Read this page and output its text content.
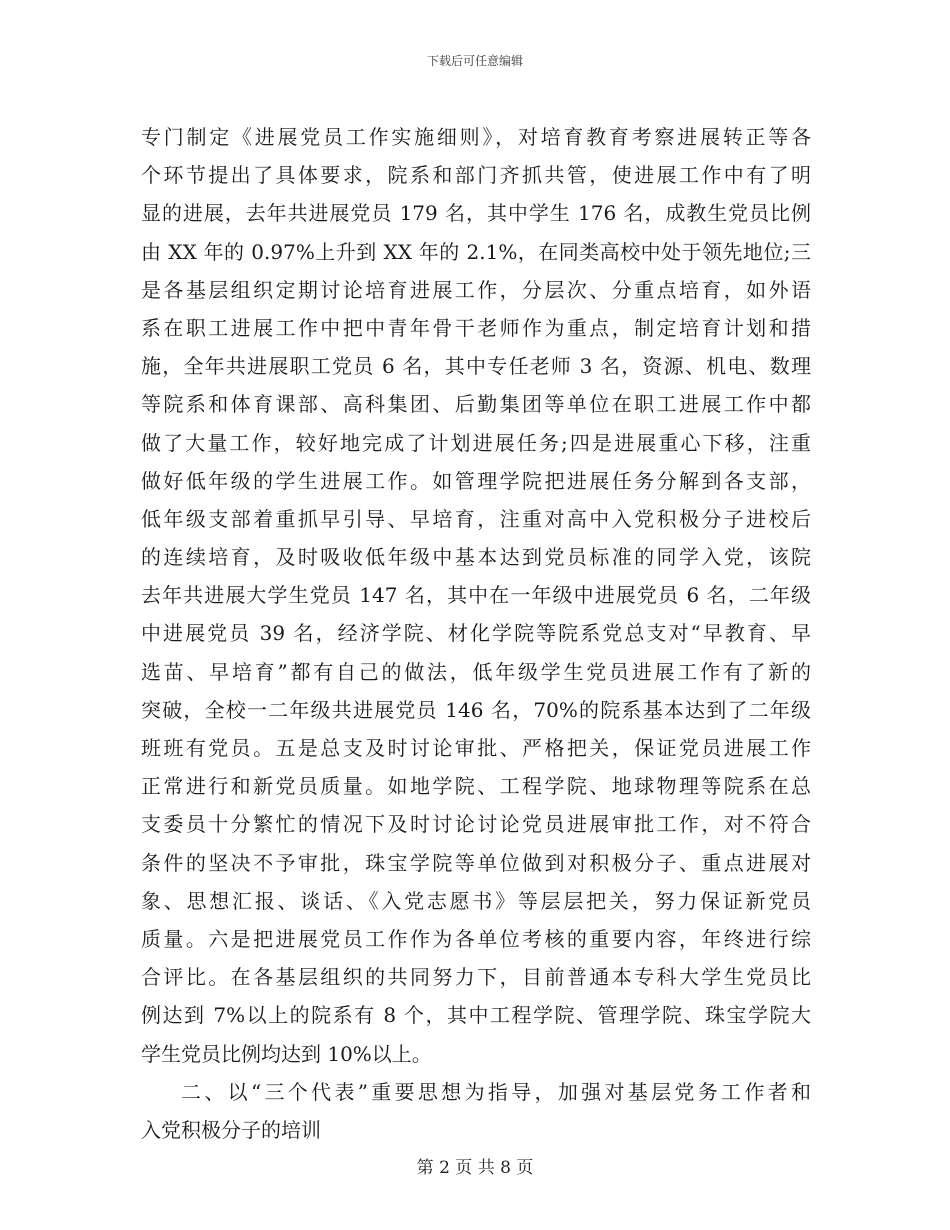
下载后可任意编辑
专门制定《进展党员工作实施细则》，对培育教育考察进展转正等各
个环节提出了具体要求，院系和部门齐抓共管，使进展工作中有了明
显的进展，去年共进展党员 179 名，其中学生 176 名，成教生党员比例
由 XX 年的 0.97%上升到 XX 年的 2.1%，在同类高校中处于领先地位;三
是各基层组织定期讨论培育进展工作，分层次、分重点培育，如外语
系在职工进展工作中把中青年骨干老师作为重点，制定培育计划和措
施，全年共进展职工党员 6 名，其中专任老师 3 名，资源、机电、数理
等院系和体育课部、高科集团、后勤集团等单位在职工进展工作中都
做了大量工作，较好地完成了计划进展任务;四是进展重心下移，注重
做好低年级的学生进展工作。如管理学院把进展任务分解到各支部，
低年级支部着重抓早引导、早培育，注重对高中入党积极分子进校后
的连续培育，及时吸收低年级中基本达到党员标准的同学入党，该院
去年共进展大学生党员 147 名，其中在一年级中进展党员 6 名，二年级
中进展党员 39 名，经济学院、材化学院等院系党总支对“早教育、早
选苗、早培育”都有自己的做法，低年级学生党员进展工作有了新的
突破，全校一二年级共进展党员 146 名，70%的院系基本达到了二年级
班班有党员。五是总支及时讨论审批、严格把关，保证党员进展工作
正常进行和新党员质量。如地学院、工程学院、地球物理等院系在总
支委员十分繁忙的情况下及时讨论讨论党员进展审批工作，对不符合
条件的坚决不予审批，珠宝学院等单位做到对积极分子、重点进展对
象、思想汇报、谈话、《入党志愿书》等层层把关，努力保证新党员
质量。六是把进展党员工作作为各单位考核的重要内容，年终进行综
合评比。在各基层组织的共同努力下，目前普通本专科大学生党员比
例达到 7%以上的院系有 8 个，其中工程学院、管理学院、珠宝学院大
学生党员比例均达到 10%以上。
二、以“三个代表”重要思想为指导，加强对基层党务工作者和
入党积极分子的培训
第 2 页 共 8 页
